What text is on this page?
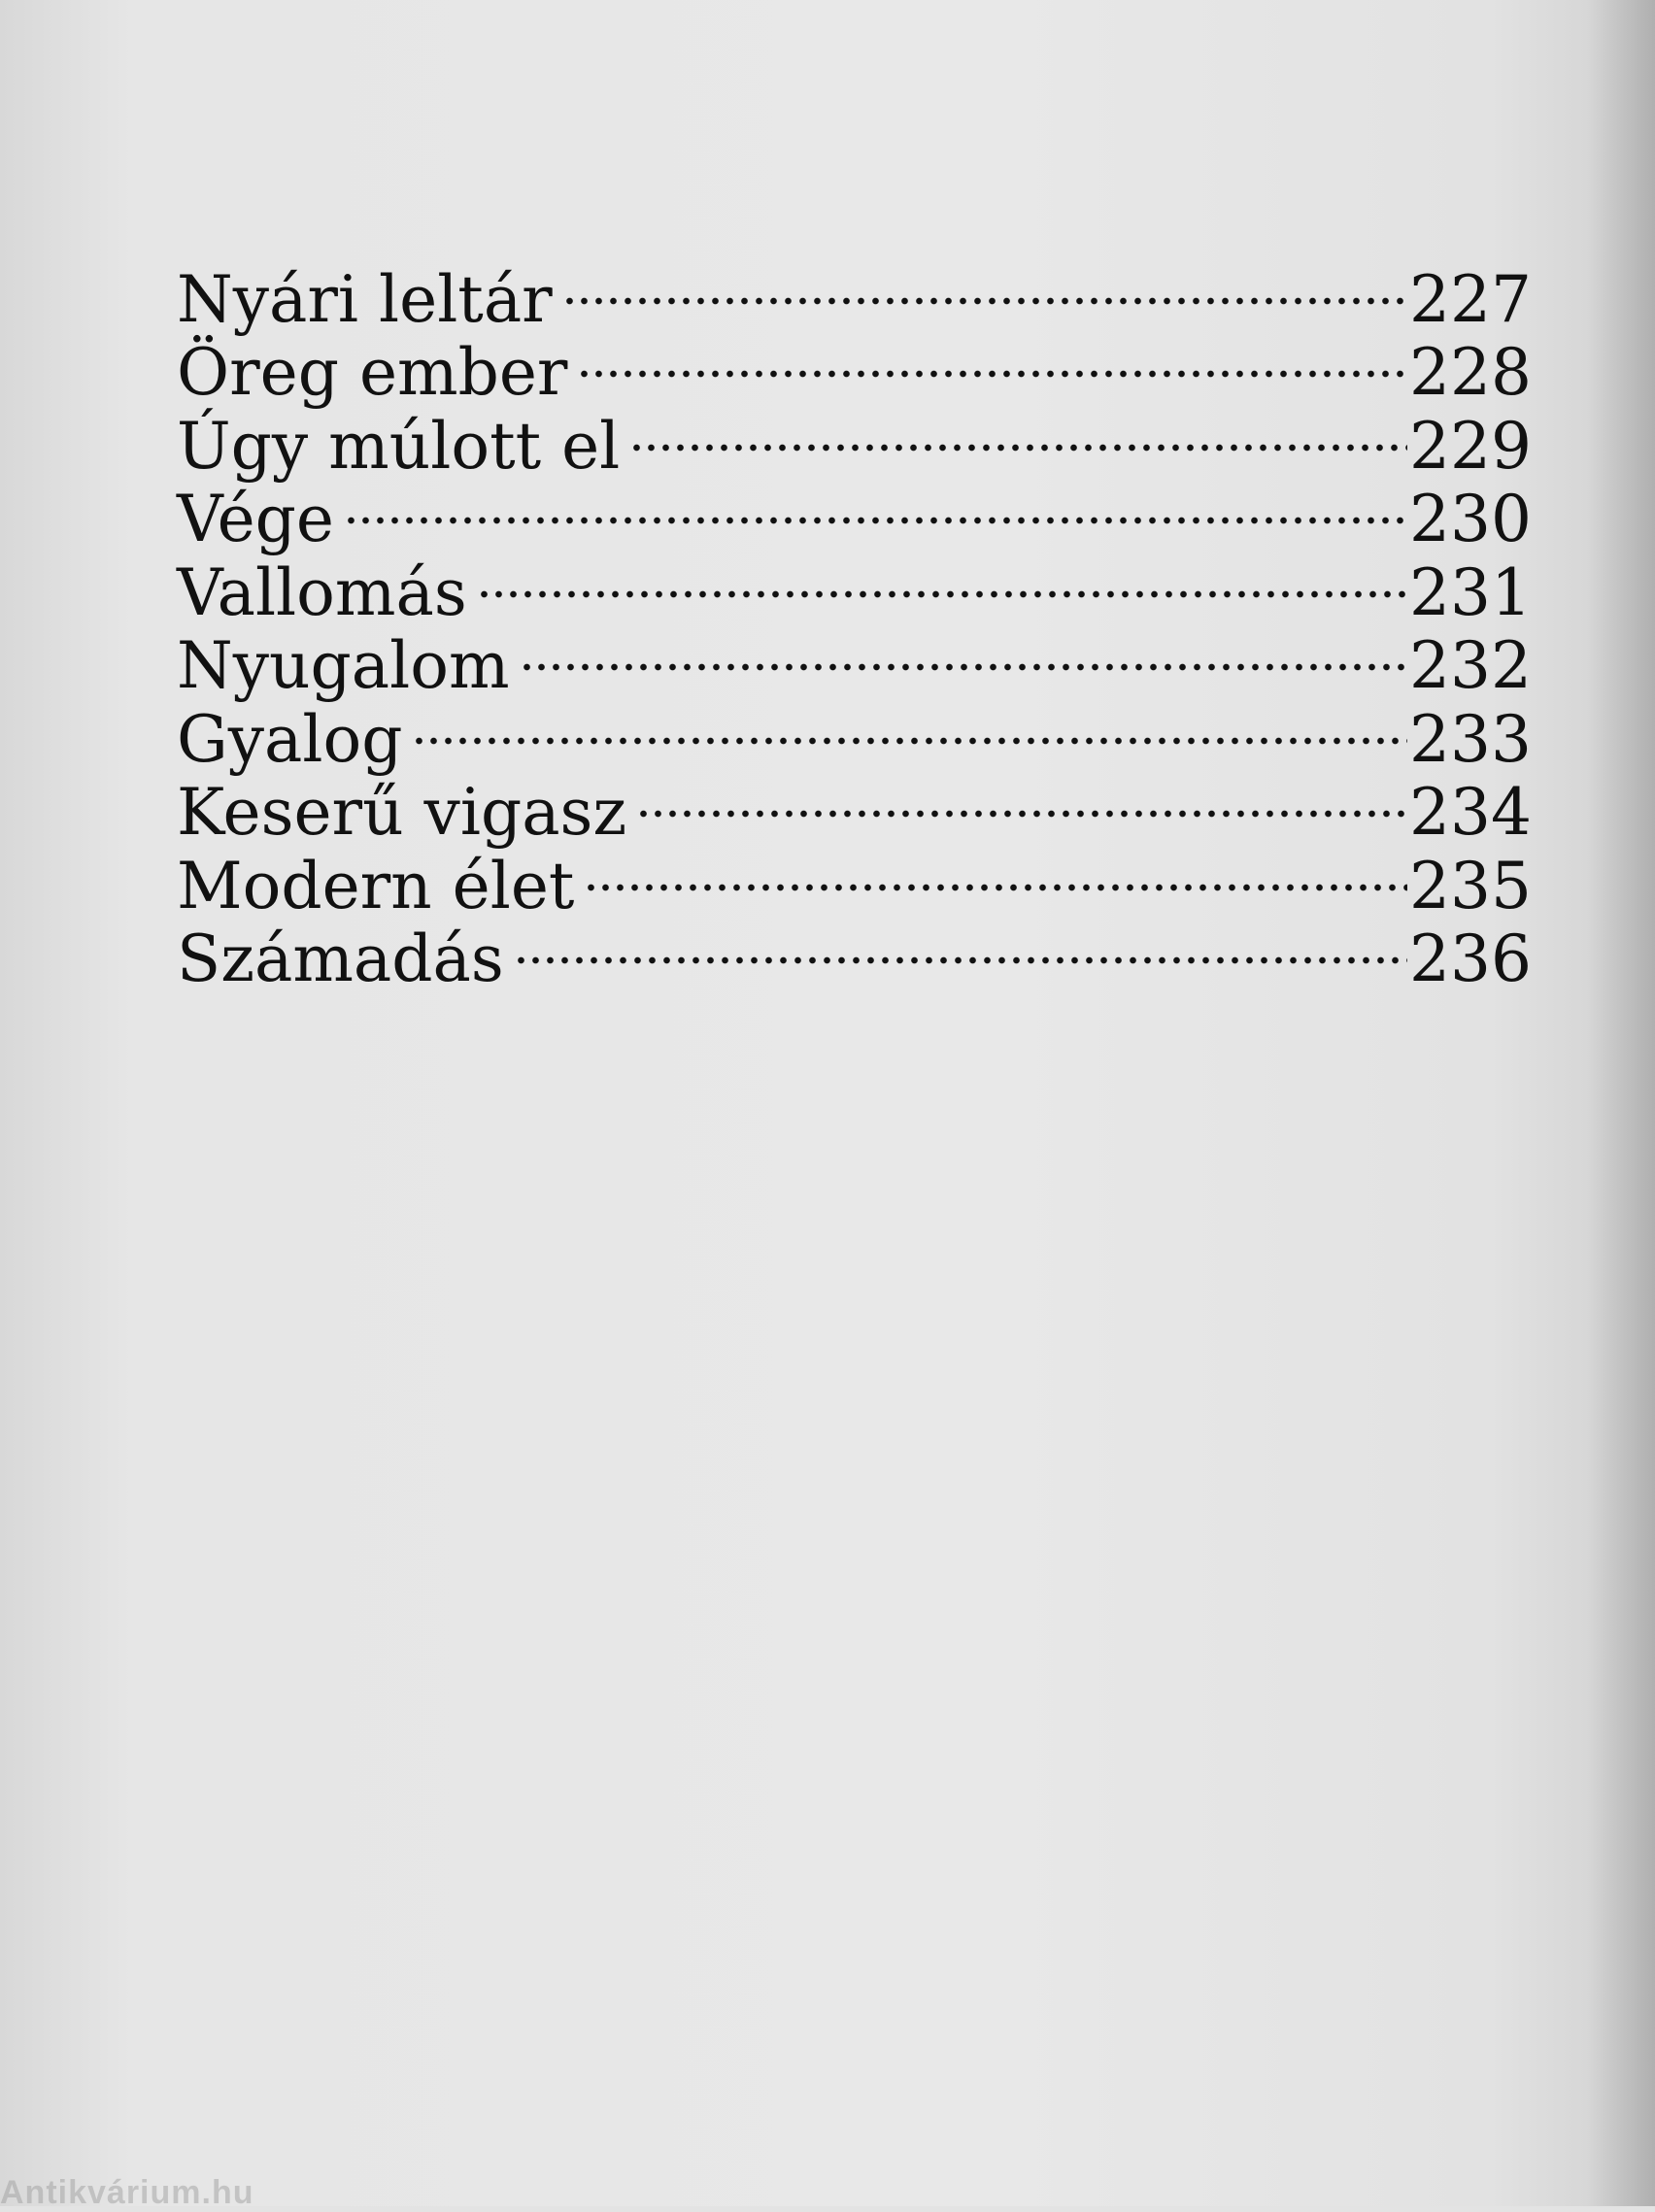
Nyári leltár	227
Öreg ember	228
Úgy múlott el	229
Vége	230
Vallomás	231
Nyugalom	232
Gyalog	233
Keserű vigasz	234
Modern élet	235
Számadás	236
Antikvárium.hu
